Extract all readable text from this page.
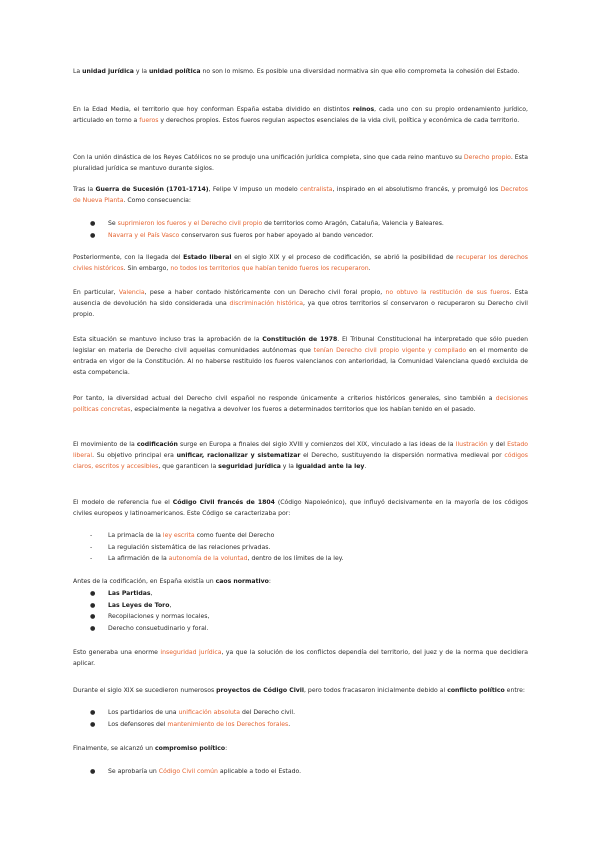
La unidad jurídica y la unidad política no son lo mismo. Es posible una diversidad normativa sin que ello comprometa la cohesión del Estado.

En la Edad Media, el territorio que hoy conforman España estaba dividido en distintos reinos, cada uno con su propio ordenamiento jurídico, articulado en torno a fueros y derechos propios. Estos fueros regulan aspectos esenciales de la vida civil, política y económica de cada territorio.

Con la unión dinástica de los Reyes Católicos no se produjo una unificación jurídica completa, sino que cada reino mantuvo su Derecho propio. Esta pluralidad jurídica se mantuvo durante siglos.

Tras la Guerra de Sucesión (1701-1714), Felipe V impuso un modelo centralista, inspirado en el absolutismo francés, y promulgó los Decretos de Nueva Planta. Como consecuencia:

● Se suprimieron los fueros y el Derecho civil propio de territorios como Aragón, Cataluña, Valencia y Baleares.
● Navarra y el País Vasco conservaron sus fueros por haber apoyado al bando vencedor.

Posteriormente, con la llegada del Estado liberal en el siglo XIX y el proceso de codificación, se abrió la posibilidad de recuperar los derechos civiles históricos. Sin embargo, no todos los territorios que habían tenido fueros los recuperaron.

En particular, Valencia, pese a haber contado históricamente con un Derecho civil foral propio, no obtuvo la restitución de sus fueros. Esta ausencia de devolución ha sido considerada una discriminación histórica, ya que otros territorios sí conservaron o recuperaron su Derecho civil propio.

Esta situación se mantuvo incluso tras la aprobación de la Constitución de 1978. El Tribunal Constitucional ha interpretado que sólo pueden legislar en materia de Derecho civil aquellas comunidades autónomas que tenían Derecho civil propio vigente y compilado en el momento de entrada en vigor de la Constitución. Al no haberse restituido los fueros valencianos con anterioridad, la Comunidad Valenciana quedó excluida de esta competencia.

Por tanto, la diversidad actual del Derecho civil español no responde únicamente a criterios históricos generales, sino también a decisiones políticas concretas, especialmente la negativa a devolver los fueros a determinados territorios que los habían tenido en el pasado.

El movimiento de la codificación surge en Europa a finales del siglo XVIII y comienzos del XIX, vinculado a las ideas de la Ilustración y del Estado liberal. Su objetivo principal era unificar, racionalizar y sistematizar el Derecho, sustituyendo la dispersión normativa medieval por códigos claros, escritos y accesibles, que garanticen la seguridad jurídica y la igualdad ante la ley.

El modelo de referencia fue el Código Civil francés de 1804 (Código Napoleónico), que influyó decisivamente en la mayoría de los códigos civiles europeos y latinoamericanos. Este Código se caracterizaba por:

-	La primacía de la ley escrita como fuente del Derecho
-	La regulación sistemática de las relaciones privadas.
-	La afirmación de la autonomía de la voluntad, dentro de los límites de la ley.

Antes de la codificación, en España existía un caos normativo:

● Las Partidas,
● Las Leyes de Toro,
● Recopilaciones y normas locales,
● Derecho consuetudinario y foral.

Esto generaba una enorme inseguridad jurídica, ya que la solución de los conflictos dependía del territorio, del juez y de la norma que decidiera aplicar.

Durante el siglo XIX se sucedieron numerosos proyectos de Código Civil, pero todos fracasaron inicialmente debido al conflicto político entre:

● Los partidarios de una unificación absoluta del Derecho civil.
● Los defensores del mantenimiento de los Derechos forales.

Finalmente, se alcanzó un compromiso político:

● Se aprobaría un Código Civil común aplicable a todo el Estado.
